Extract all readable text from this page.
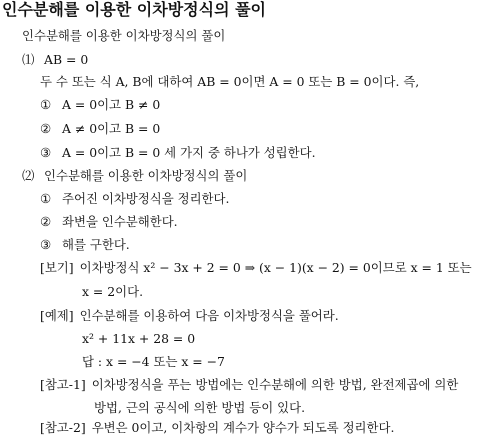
인수분해를 이용한 이차방정식의 풀이
인수분해를 이용한 이차방정식의 풀이
⑴ AB = 0
두 수 또는 식 A, B에 대하여 AB = 0이면 A = 0 또는 B = 0이다. 즉,
① A = 0이고 B ≠ 0
② A ≠ 0이고 B = 0
③ A = 0이고 B = 0 세 가지 중 하나가 성립한다.
⑵ 인수분해를 이용한 이차방정식의 풀이
① 주어진 이차방정식을 정리한다.
② 좌변을 인수분해한다.
③ 해를 구한다.
[보기] 이차방정식 x² − 3x + 2 = 0 ⇒ (x − 1)(x − 2) = 0이므로 x = 1 또는
x = 2이다.
[예제] 인수분해를 이용하여 다음 이차방정식을 풀어라.
x² + 11x + 28 = 0
답 : x = −4 또는 x = −7
[참고-1] 이차방정식을 푸는 방법에는 인수분해에 의한 방법, 완전제곱에 의한
방법, 근의 공식에 의한 방법 등이 있다.
[참고-2] 우변은 0이고, 이차항의 계수가 양수가 되도록 정리한다.
